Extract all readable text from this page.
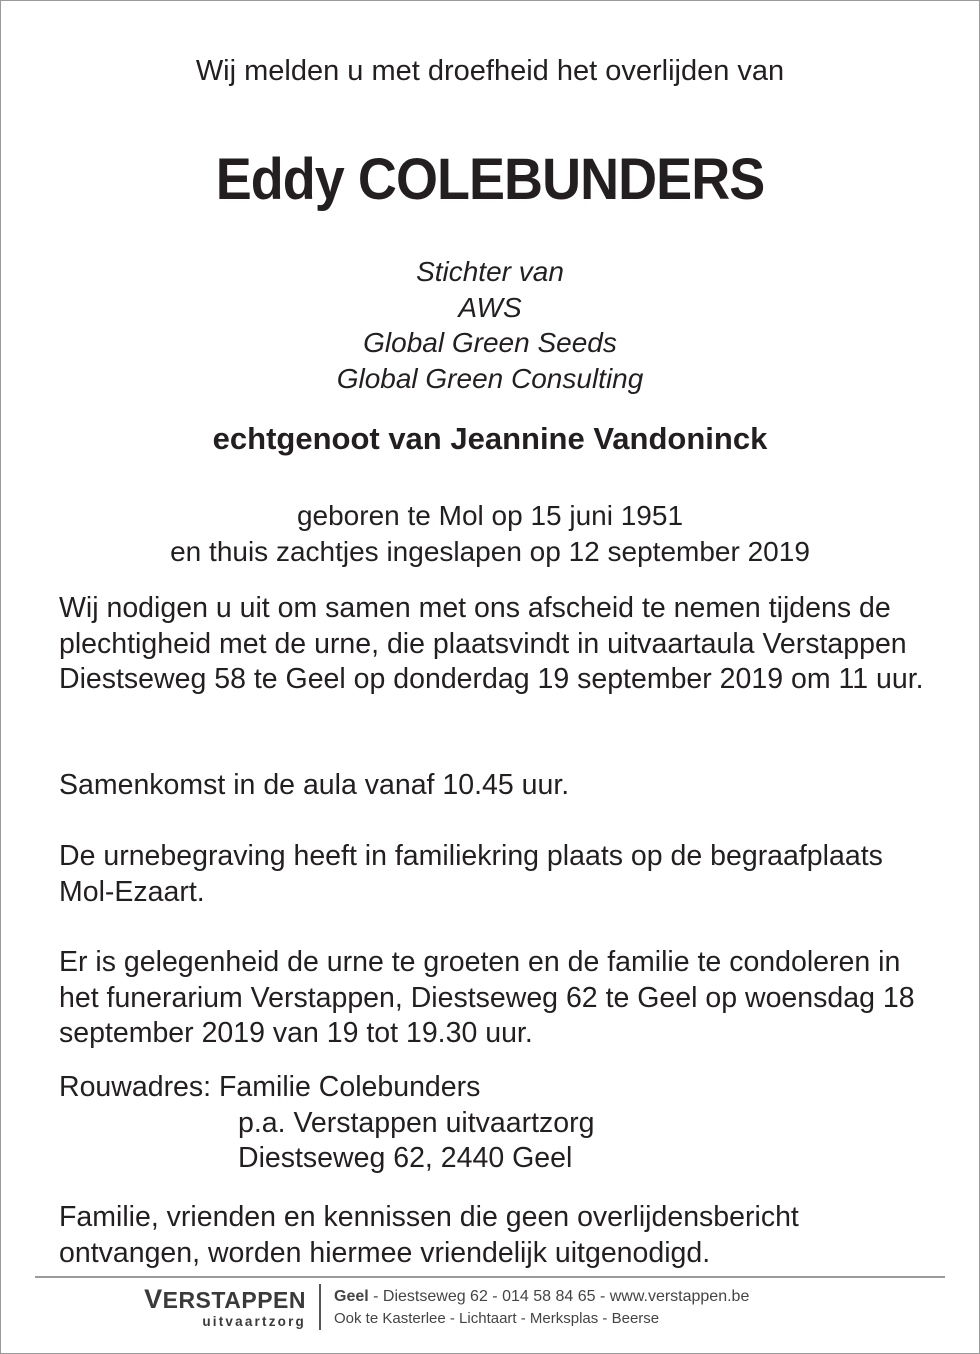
Wij melden u met droefheid het overlijden van
Eddy COLEBUNDERS
Stichter van
AWS
Global Green Seeds
Global Green Consulting
echtgenoot van Jeannine Vandoninck
geboren te Mol op 15 juni 1951
en thuis zachtjes ingeslapen op 12 september 2019
Wij nodigen u uit om samen met ons afscheid te nemen tijdens de plechtigheid met de urne, die plaatsvindt in uitvaartaula Verstappen Diestseweg 58 te Geel op donderdag 19 september 2019 om 11 uur.
Samenkomst in de aula vanaf 10.45 uur.
De urnebegraving heeft in familiekring plaats op de begraafplaats Mol-Ezaart.
Er is gelegenheid de urne te groeten en de familie te condoleren in het funerarium Verstappen, Diestseweg 62 te Geel op woensdag 18 september 2019 van 19 tot 19.30 uur.
Rouwadres: Familie Colebunders
p.a. Verstappen uitvaartzorg
Diestseweg 62, 2440 Geel
Familie, vrienden en kennissen die geen overlijdensbericht ontvangen, worden hiermee vriendelijk uitgenodigd.
VERSTAPPEN
uitvaartzorg
Geel - Diestseweg 62 - 014 58 84 65 - www.verstappen.be
Ook te Kasterlee - Lichtaart - Merksplas - Beerse
